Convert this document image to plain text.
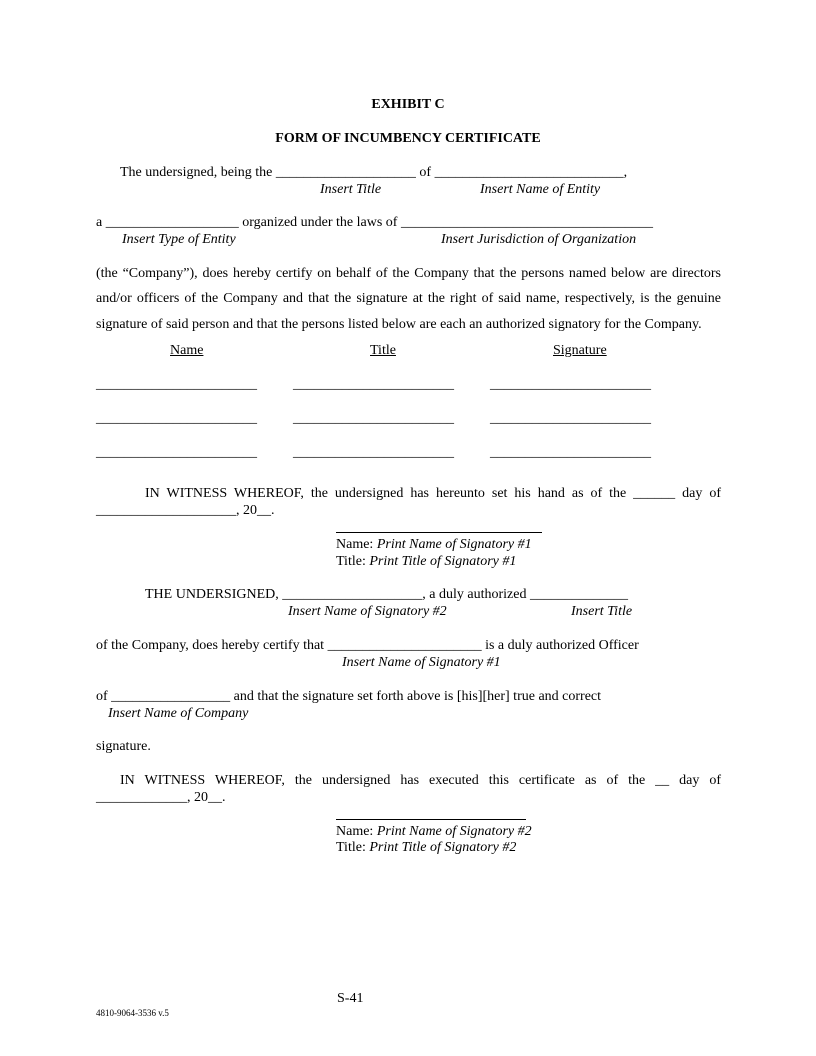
EXHIBIT C
FORM OF INCUMBENCY CERTIFICATE
The undersigned, being the ____________________ of ___________________________,
Insert Title	Insert Name of Entity
a ___________________ organized under the laws of ____________________________________
Insert Type of Entity	Insert Jurisdiction of Organization
(the “Company”), does hereby certify on behalf of the Company that the persons named below are directors
and/or officers of the Company and that the signature at the right of said name, respectively, is the genuine
signature of said person and that the persons listed below are each an authorized signatory for the Company.
Name	Title	Signature
_______________________	_______________________	_______________________
_______________________	_______________________	_______________________
_______________________	_______________________	_______________________
IN WITNESS WHEREOF, the undersigned has hereunto set his hand as of the ______ day of
____________________, 20__.
Name: Print Name of Signatory #1
Title: Print Title of Signatory #1
THE UNDERSIGNED, ____________________, a duly authorized ______________
Insert Name of Signatory #2	Insert Title
of the Company, does hereby certify that ______________________ is a duly authorized Officer
Insert Name of Signatory #1
of _________________ and that the signature set forth above is [his][her] true and correct
Insert Name of Company
signature.
IN WITNESS WHEREOF, the undersigned has executed this certificate as of the __ day of
_____________, 20__.
Name: Print Name of Signatory #2
Title: Print Title of Signatory #2
S-41
4810-9064-3536 v.5
